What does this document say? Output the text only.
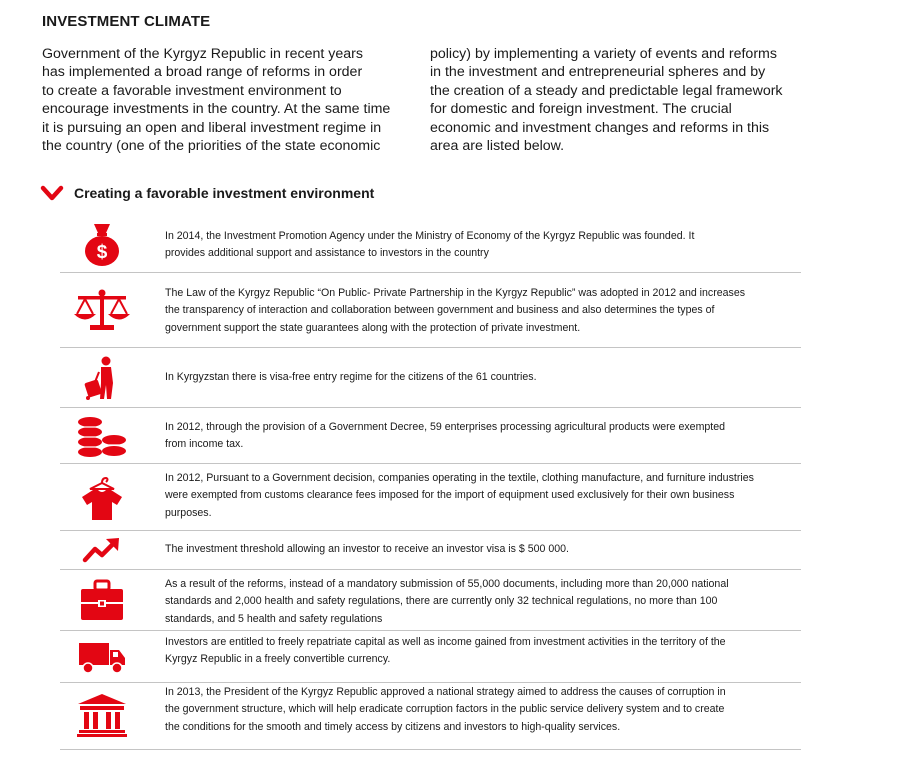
INVESTMENT CLIMATE
Government of the Kyrgyz Republic in recent years
has implemented a broad range of reforms in order
to create a favorable investment environment to
encourage investments in the country. At the same time
it is pursuing an open and liberal investment regime in
the country (one of the priorities of the state economic
policy) by implementing a variety of events and reforms
in the investment and entrepreneurial spheres and by
the creation of a steady and predictable legal framework
for domestic and foreign investment. The crucial
economic and investment changes and reforms in this
area are listed below.
Creating a favorable investment environment
$
In 2014, the Investment Promotion Agency under the Ministry of Economy of the Kyrgyz Republic was founded. It
provides additional support and assistance to investors in the country
The Law of the Kyrgyz Republic “On Public- Private Partnership in the Kyrgyz Republic” was adopted in 2012 and increases
the transparency of interaction and collaboration between government and business and also determines the types of
government support the state guarantees along with the protection of private investment.
In Kyrgyzstan there is visa-free entry regime for the citizens of the 61 countries.
In 2012, through the provision of a Government Decree, 59 enterprises processing agricultural products were exempted
from income tax.
In 2012, Pursuant to a Government decision, companies operating in the textile, clothing manufacture, and furniture industries
were exempted from customs clearance fees imposed for the import of equipment used exclusively for their own business
purposes.
The investment threshold allowing an investor to receive an investor visa is $ 500 000.
As a result of the reforms, instead of a mandatory submission of 55,000 documents, including more than 20,000 national
standards and 2,000 health and safety regulations, there are currently only 32 technical regulations, no more than 100
standards, and 5 health and safety regulations
Investors are entitled to freely repatriate capital as well as income gained from investment activities in the territory of the
Kyrgyz Republic in a freely convertible currency.
In 2013, the President of the Kyrgyz Republic approved a national strategy aimed to address the causes of corruption in
the government structure, which will help eradicate corruption factors in the public service delivery system and to create
the conditions for the smooth and timely access by citizens and investors to high-quality services.
